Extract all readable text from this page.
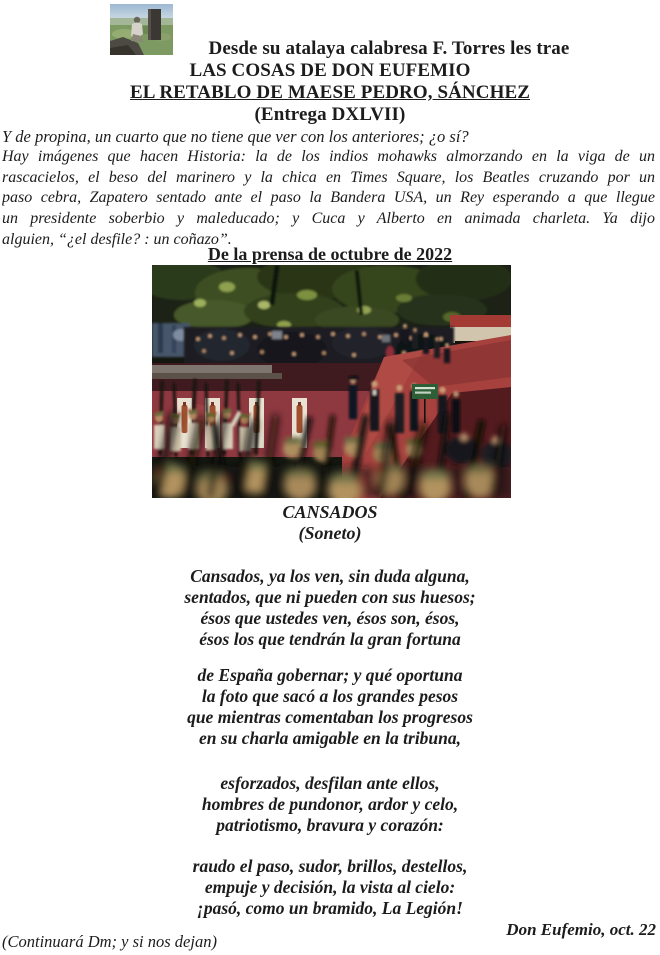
Desde su atalaya calabresa F. Torres les trae
LAS COSAS DE DON EUFEMIO
EL RETABLO DE MAESE PEDRO, SÁNCHEZ
(Entrega DXLVII)
Y de propina, un cuarto que no tiene que ver con los anteriores; ¿o sí?
Hay imágenes que hacen Historia: la de los indios mohawks almorzando en la viga de un
rascacielos, el beso del marinero y la chica en Times Square, los Beatles cruzando por un
paso cebra, Zapatero sentado ante el paso la Bandera USA, un Rey esperando a que llegue
un presidente soberbio y maleducado; y Cuca y Alberto en animada charleta. Ya dijo
alguien, “¿el desfile? : un coñazo”.
De la prensa de octubre de 2022
CANSADOS
(Soneto)
Cansados, ya los ven, sin duda alguna,
sentados, que ni pueden con sus huesos;
ésos que ustedes ven, ésos son, ésos,
ésos los que tendrán la gran fortuna
de España gobernar; y qué oportuna
la foto que sacó a los grandes pesos
que mientras comentaban los progresos
en su charla amigable en la tribuna,
esforzados, desfilan ante ellos,
hombres de pundonor, ardor y celo,
patriotismo, bravura y corazón:
raudo el paso, sudor, brillos, destellos,
empuje y decisión, la vista al cielo:
¡pasó, como un bramido, La Legión!
Don Eufemio, oct. 22
(Continuará Dm; y si nos dejan)
